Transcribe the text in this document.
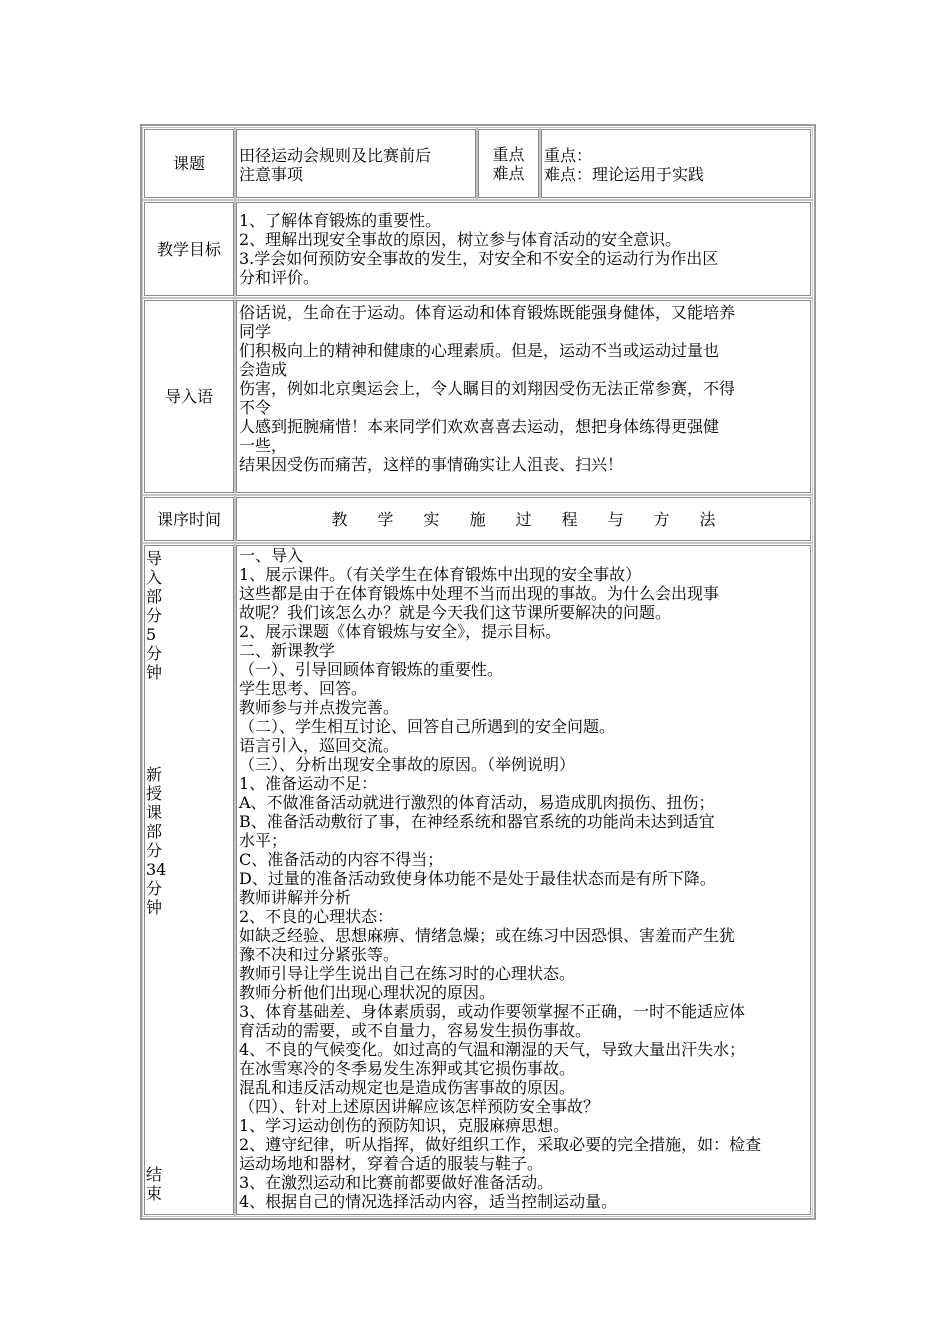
课题 田径运动会规则及比赛前后

注意事项

重点
难点

重点：

难点：理论运用于实践

教学目标

1、了解体育锻炼的重要性。

2、理解出现安全事故的原因，树立参与体育活动的安全意识。

3.学会如何预防安全事故的发生，对安全和不安全的运动行为作出区

分和评价。

导入语

俗话说，生命在于运动。体育运动和体育锻炼既能强身健体，又能培养

同学

们积极向上的精神和健康的心理素质。但是，运动不当或运动过量也

会造成

伤害，例如北京奥运会上，令人瞩目的刘翔因受伤无法正常参赛，不得

不令

人感到扼腕痛惜！本来同学们欢欢喜喜去运动，想把身体练得更强健

一些，

结果因受伤而痛苦，这样的事情确实让人沮丧、扫兴！

课序时间	教 学 实 施 过 程 与 方 法
导
入
部
分
5
分
钟
新
授
课
部
分
34
分
钟
结
束

一、导入

1、展示课件。（有关学生在体育锻炼中出现的安全事故）

这些都是由于在体育锻炼中处理不当而出现的事故。为什么会出现事

故呢？我们该怎么办？就是今天我们这节课所要解决的问题。

2、展示课题《体育锻炼与安全》，提示目标。

二、新课教学

（一）、引导回顾体育锻炼的重要性。

学生思考、回答。

教师参与并点拨完善。

（二）、学生相互讨论、回答自己所遇到的安全问题。

语言引入，巡回交流。

（三）、分析出现安全事故的原因。（举例说明）

1、准备运动不足：

A、不做准备活动就进行激烈的体育活动，易造成肌肉损伤、扭伤；

B、准备活动敷衍了事，在神经系统和器官系统的功能尚未达到适宜

水平；

C、准备活动的内容不得当；

D、过量的准备活动致使身体功能不是处于最佳状态而是有所下降。

教师讲解并分析

2、不良的心理状态：

如缺乏经验、思想麻痹、情绪急燥；或在练习中因恐惧、害羞而产生犹

豫不决和过分紧张等。

教师引导让学生说出自己在练习时的心理状态。

教师分析他们出现心理状况的原因。

3、体育基础差、身体素质弱，或动作要领掌握不正确，一时不能适应体

育活动的需要，或不自量力，容易发生损伤事故。

4、不良的气候变化。如过高的气温和潮湿的天气，导致大量出汗失水；

在冰雪寒冷的冬季易发生冻狎或其它损伤事故。

混乱和违反活动规定也是造成伤害事故的原因。

（四）、针对上述原因讲解应该怎样预防安全事故？

1、学习运动创伤的预防知识，克服麻痹思想。

2、遵守纪律，听从指挥，做好组织工作，采取必要的完全措施，如：检查

运动场地和器材，穿着合适的服装与鞋子。

3、在激烈运动和比赛前都要做好准备活动。

4、根据自己的情况选择活动内容，适当控制运动量。
